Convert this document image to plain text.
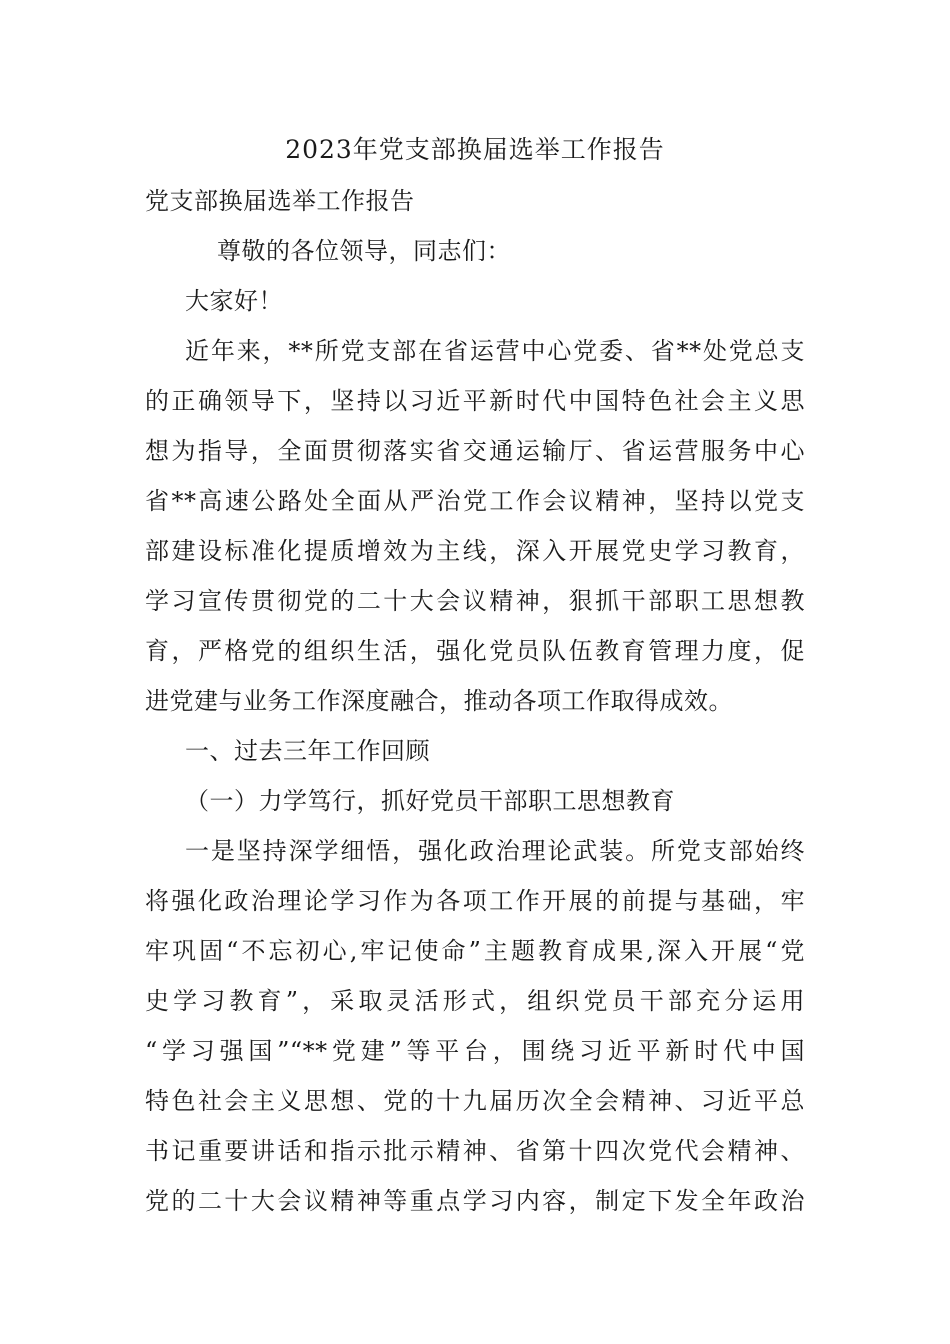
2023年党支部换届选举工作报告
党支部换届选举工作报告
尊敬的各位领导，同志们：
大家好！
近年来，**所党支部在省运营中心党委、省**处党总支
的正确领导下，坚持以习近平新时代中国特色社会主义思
想为指导，全面贯彻落实省交通运输厅、省运营服务中心
省**高速公路处全面从严治党工作会议精神，坚持以党支
部建设标准化提质增效为主线，深入开展党史学习教育，
学习宣传贯彻党的二十大会议精神，狠抓干部职工思想教
育，严格党的组织生活，强化党员队伍教育管理力度，促
进党建与业务工作深度融合，推动各项工作取得成效。
一、过去三年工作回顾
（一）力学笃行，抓好党员干部职工思想教育
一是坚持深学细悟，强化政治理论武装。所党支部始终
将强化政治理论学习作为各项工作开展的前提与基础，牢
牢巩固“不忘初心,牢记使命”主题教育成果,深入开展“党
史学习教育”，采取灵活形式，组织党员干部充分运用
“学习强国”“**党建”等平台，围绕习近平新时代中国
特色社会主义思想、党的十九届历次全会精神、习近平总
书记重要讲话和指示批示精神、省第十四次党代会精神、
党的二十大会议精神等重点学习内容，制定下发全年政治
